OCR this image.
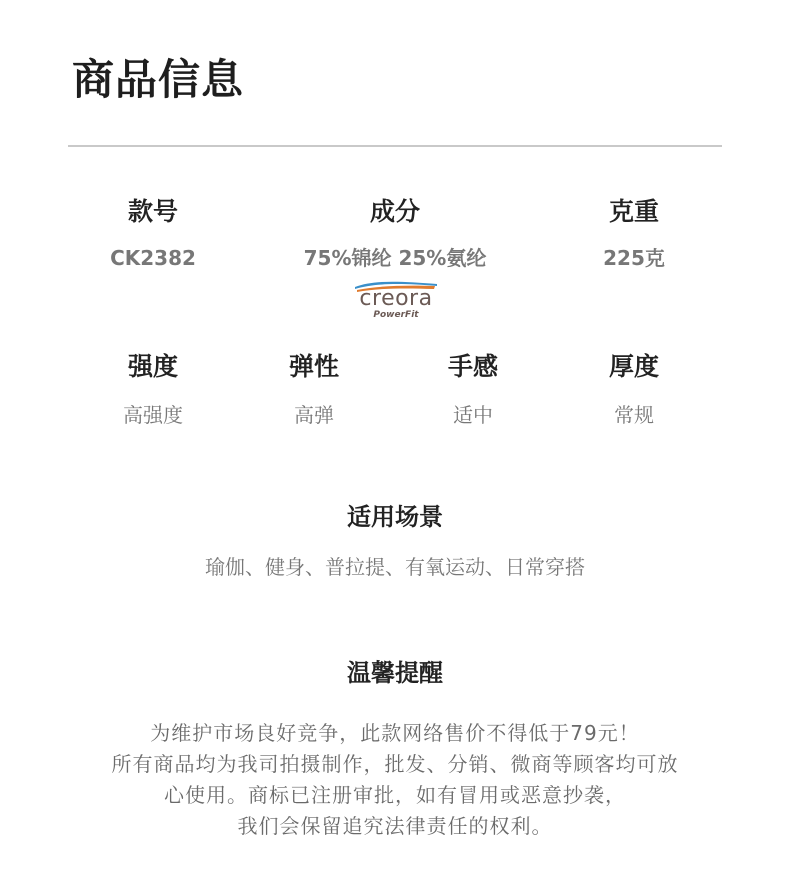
商品信息
款号
CK2382
成分
75%锦纶 25%氨纶
克重
225克
creora
PowerFit
强度
高强度
弹性
高弹
手感
适中
厚度
常规
适用场景
瑜伽、健身、普拉提、有氧运动、日常穿搭
温馨提醒
为维护市场良好竞争，此款网络售价不得低于79元！
所有商品均为我司拍摄制作，批发、分销、微商等顾客均可放
心使用。商标已注册审批，如有冒用或恶意抄袭，
我们会保留追究法律责任的权利。
